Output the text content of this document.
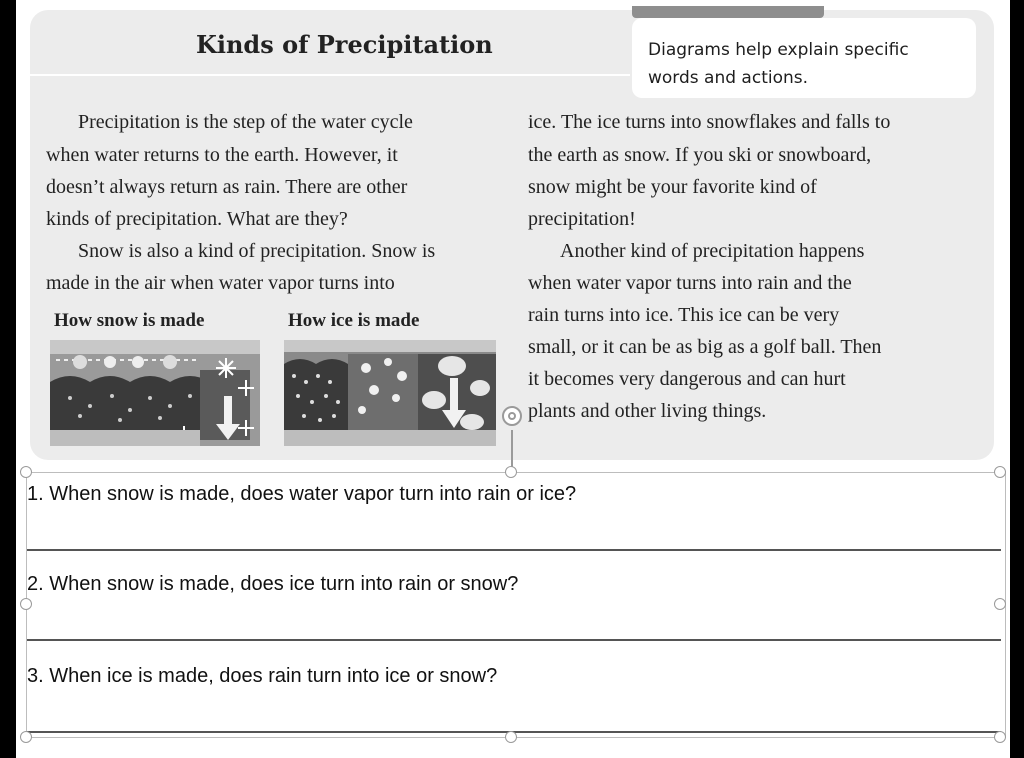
Kinds of Precipitation	Diagrams help explain specific
words and actions.
Precipitation is the step of the water cycle
when water returns to the earth. However, it
doesn’t always return as rain. There are other
kinds of precipitation. What are they?
Snow is also a kind of precipitation. Snow is
made in the air when water vapor turns into
How snow is made	How ice is made
ice. The ice turns into snowflakes and falls to
the earth as snow. If you ski or snowboard,
snow might be your favorite kind of
precipitation!
Another kind of precipitation happens
when water vapor turns into rain and the
rain turns into ice. This ice can be very
small, or it can be as big as a golf ball. Then
it becomes very dangerous and can hurt
plants and other living things.
1. When snow is made, does water vapor turn into rain or ice?
2. When snow is made, does ice turn into rain or snow?
3. When ice is made, does rain turn into ice or snow?
